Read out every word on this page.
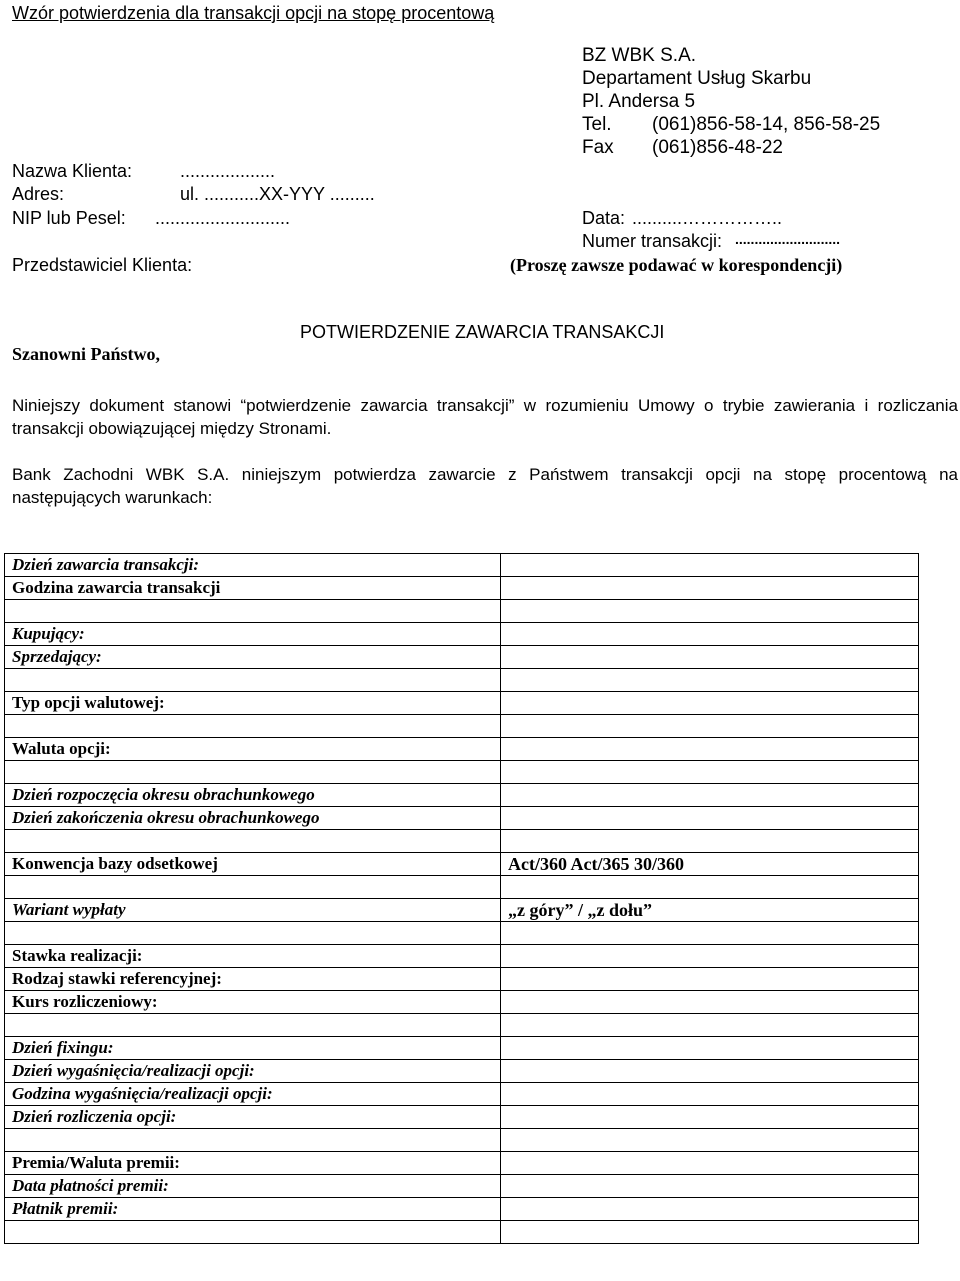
Wzór potwierdzenia dla transakcji opcji na stopę procentową
BZ WBK S.A.
Departament Usług Skarbu
Pl. Andersa 5
Tel. (061)856-58-14, 856-58-25
Fax (061)856-48-22
Nazwa Klienta:	...................
Adres:	ul. ...........XX-YYY .........
NIP lub Pesel: ...........................	Data: ..........……………..
Numer transakcji: ...........................
Przedstawiciel Klienta:	(Proszę zawsze podawać w korespondencji)
POTWIERDZENIE ZAWARCIA TRANSAKCJI
Szanowni Państwo,
Niniejszy dokument stanowi “potwierdzenie zawarcia transakcji” w rozumieniu Umowy o trybie zawierania i rozliczania transakcji obowiązującej między Stronami.
Bank Zachodni WBK S.A. niniejszym potwierdza zawarcie z Państwem transakcji opcji na stopę procentową na następujących warunkach:
Dzień zawarcia transakcji:	
Godzina zawarcia transakcji	

Kupujący:	
Sprzedający:	

Typ opcji walutowej:	

Waluta opcji:	

Dzień rozpoczęcia okresu obrachunkowego	
Dzień zakończenia okresu obrachunkowego	

Konwencja bazy odsetkowej	Act/360 Act/365 30/360

Wariant wypłaty	„z góry” / „z dołu”

Stawka realizacji:	
Rodzaj stawki referencyjnej:	
Kurs rozliczeniowy:	

Dzień fixingu:	
Dzień wygaśnięcia/realizacji opcji:	
Godzina wygaśnięcia/realizacji opcji:	
Dzień rozliczenia opcji:	

Premia/Waluta premii:	
Data płatności premii:	
Płatnik premii:	
